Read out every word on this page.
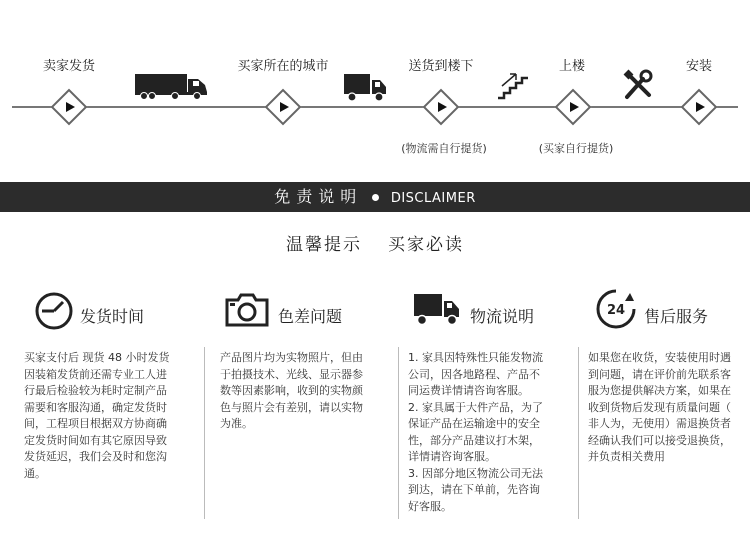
卖家发货	买家所在的城市	送货到楼下
(物流需自行提货)
上楼
(买家自行提货)
安装
免责说明 DISCLAIMER
温馨提示 买家必读
发货时间
买家支付后 现货 48 小时发货
因装箱发货前还需专业工人进
行最后检验较为耗时定制产品
需要和客服沟通，确定发货时
间，工程项目根据双方协商确
定发货时间如有其它原因导致
发货延迟，我们会及时和您沟
通。
色差问题
产品图片均为实物照片，但由
于拍摄技术、光线、显示器参
数等因素影响，收到的实物颜
色与照片会有差别，请以实物
为准。
物流说明
1. 家具因特殊性只能发物流
公司，因各地路程、产品不
同运费详情请咨询客服。
2. 家具属于大件产品，为了
保证产品在运输途中的安全
性，部分产品建议打木架，
详情请咨询客服。
3. 因部分地区物流公司无法
到达，请在下单前，先咨询
好客服。
24 售后服务
如果您在收货，安装使用时遇
到问题，请在评价前先联系客
服为您提供解决方案，如果在
收到货物后发现有质量问题（
非人为，无使用）需退换货者
经确认我们可以接受退换货，
并负责相关费用
